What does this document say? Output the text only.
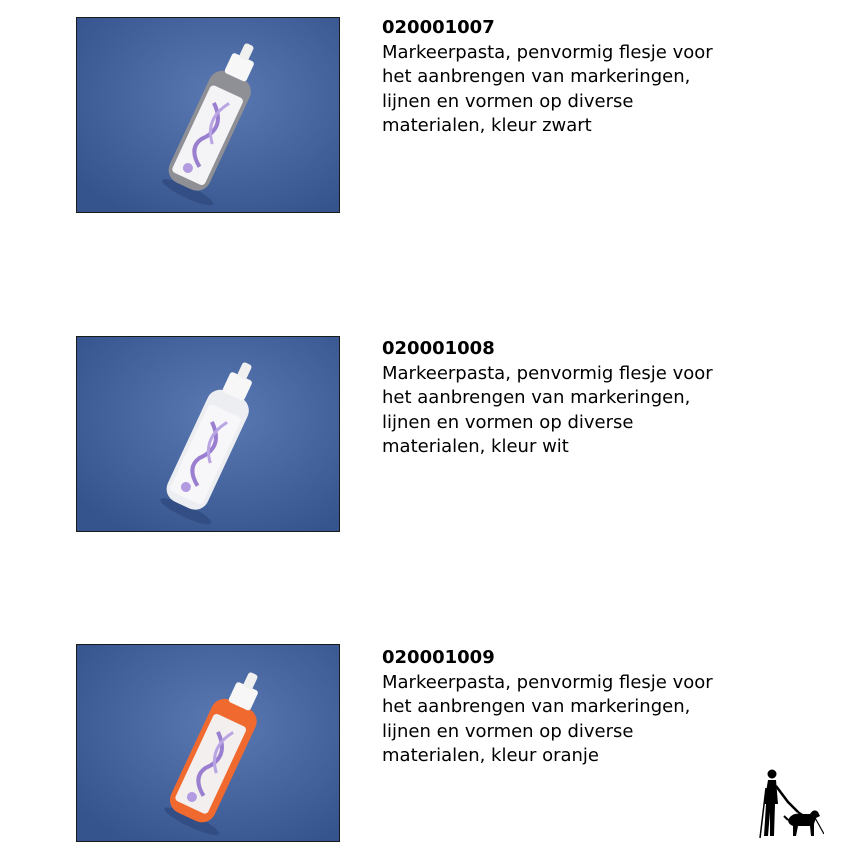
020001007
Markeerpasta, penvormig flesje voor
het aanbrengen van markeringen,
lijnen en vormen op diverse
materialen, kleur zwart
020001008
Markeerpasta, penvormig flesje voor
het aanbrengen van markeringen,
lijnen en vormen op diverse
materialen, kleur wit
020001009
Markeerpasta, penvormig flesje voor
het aanbrengen van markeringen,
lijnen en vormen op diverse
materialen, kleur oranje
